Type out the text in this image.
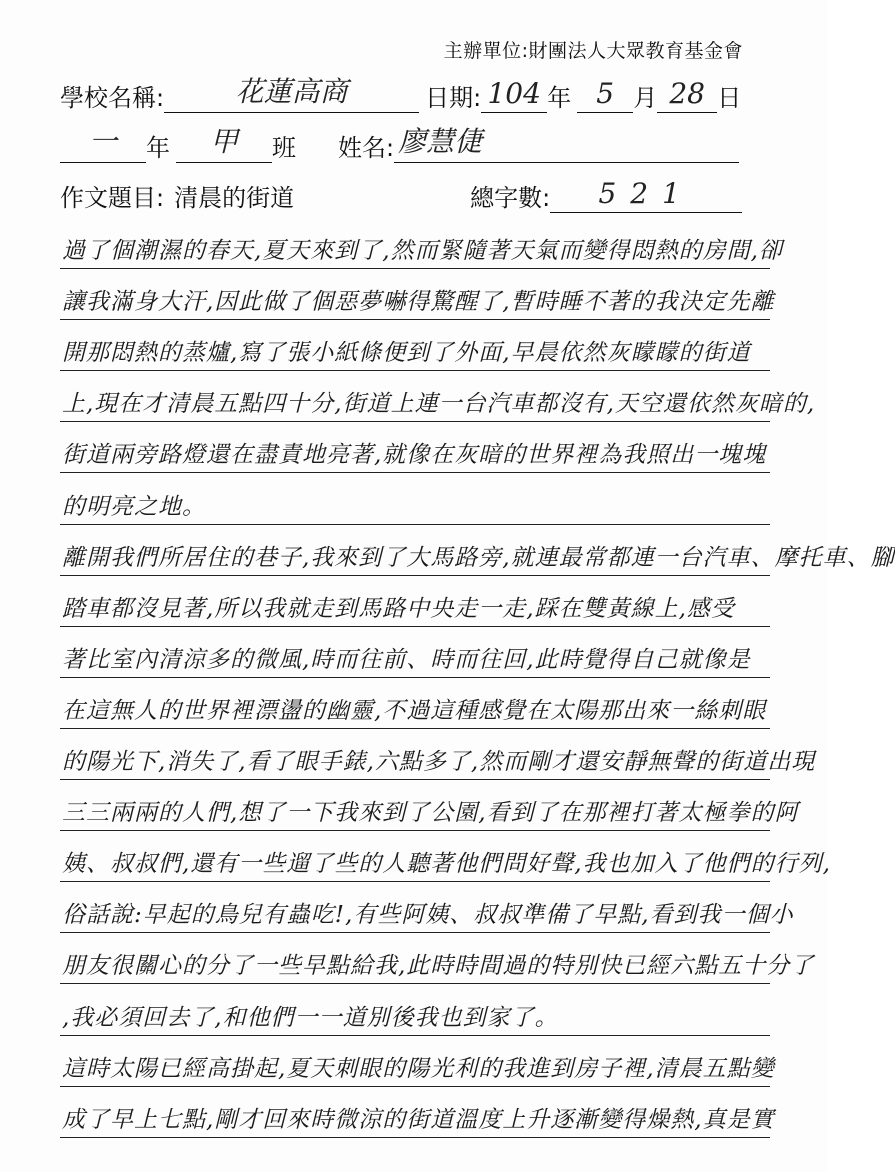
主辦單位:財團法人大眾教育基金會
學校名稱:	花蓮高商	日期: 104 年 5 月 28 日
一	年	甲	班 姓名: 廖慧倢
作文題目: 清晨的街道	總字數:	521
過了個潮濕的春天,夏天來到了,然而緊隨著天氣而變得悶熱的房間,卻
讓我滿身大汗,因此做了個惡夢嚇得驚醒了,暫時睡不著的我決定先離
開那悶熱的蒸爐,寫了張小紙條便到了外面,早晨依然灰矇矇的街道
上,現在才清晨五點四十分,街道上連一台汽車都沒有,天空還依然灰暗的,
街道兩旁路燈還在盡責地亮著,就像在灰暗的世界裡為我照出一塊塊
的明亮之地。
離開我們所居住的巷子,我來到了大馬路旁,就連最常都連一台汽車、摩托車、腳
踏車都沒見著,所以我就走到馬路中央走一走,踩在雙黃線上,感受
著比室內清涼多的微風,時而往前、時而往回,此時覺得自己就像是
在這無人的世界裡漂盪的幽靈,不過這種感覺在太陽那出來一絲刺眼
的陽光下,消失了,看了眼手錶,六點多了,然而剛才還安靜無聲的街道出現
三三兩兩的人們,想了一下我來到了公園,看到了在那裡打著太極拳的阿
姨、叔叔們,還有一些遛了些的人聽著他們問好聲,我也加入了他們的行列,
俗話說:早起的鳥兒有蟲吃!,有些阿姨、叔叔準備了早點,看到我一個小
朋友很關心的分了一些早點給我,此時時間過的特別快已經六點五十分了
,我必須回去了,和他們一一道別後我也到家了。
這時太陽已經高掛起,夏天刺眼的陽光利的我進到房子裡,清晨五點變
成了早上七點,剛才回來時微涼的街道溫度上升逐漸變得燥熱,真是實
